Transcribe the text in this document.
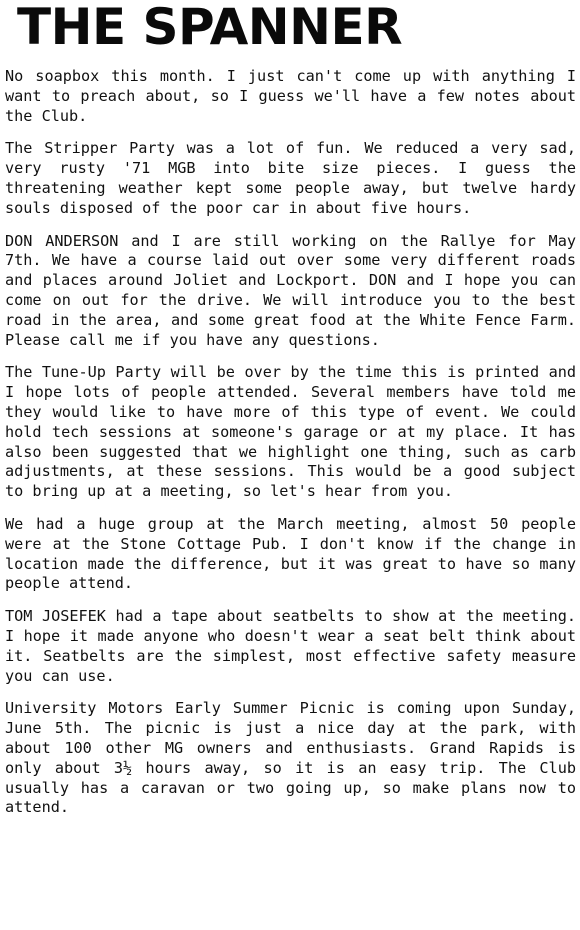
THE SPANNER

No soapbox this month. I just can't come up with anything I want to preach about, so I guess we'll have a few notes about the Club.

The Stripper Party was a lot of fun. We reduced a very sad, very rusty '71 MGB into bite size pieces. I guess the threatening weather kept some people away, but twelve hardy souls disposed of the poor car in about five hours.

DON ANDERSON and I are still working on the Rallye for May 7th. We have a course laid out over some very different roads and places around Joliet and Lockport. DON and I hope you can come on out for the drive. We will introduce you to the best road in the area, and some great food at the White Fence Farm. Please call me if you have any questions.

The Tune-Up Party will be over by the time this is printed and I hope lots of people attended. Several members have told me they would like to have more of this type of event. We could hold tech sessions at someone's garage or at my place. It has also been suggested that we highlight one thing, such as carb adjustments, at these sessions. This would be a good subject to bring up at a meeting, so let's hear from you.

We had a huge group at the March meeting, almost 50 people were at the Stone Cottage Pub. I don't know if the change in location made the difference, but it was great to have so many people attend.

TOM JOSEFEK had a tape about seatbelts to show at the meeting. I hope it made anyone who doesn't wear a seat belt think about it. Seatbelts are the simplest, most effective safety measure you can use.

University Motors Early Summer Picnic is coming upon Sunday, June 5th. The picnic is just a nice day at the park, with about 100 other MG owners and enthusiasts. Grand Rapids is only about 3½ hours away, so it is an easy trip. The Club usually has a caravan or two going up, so make plans now to attend.
